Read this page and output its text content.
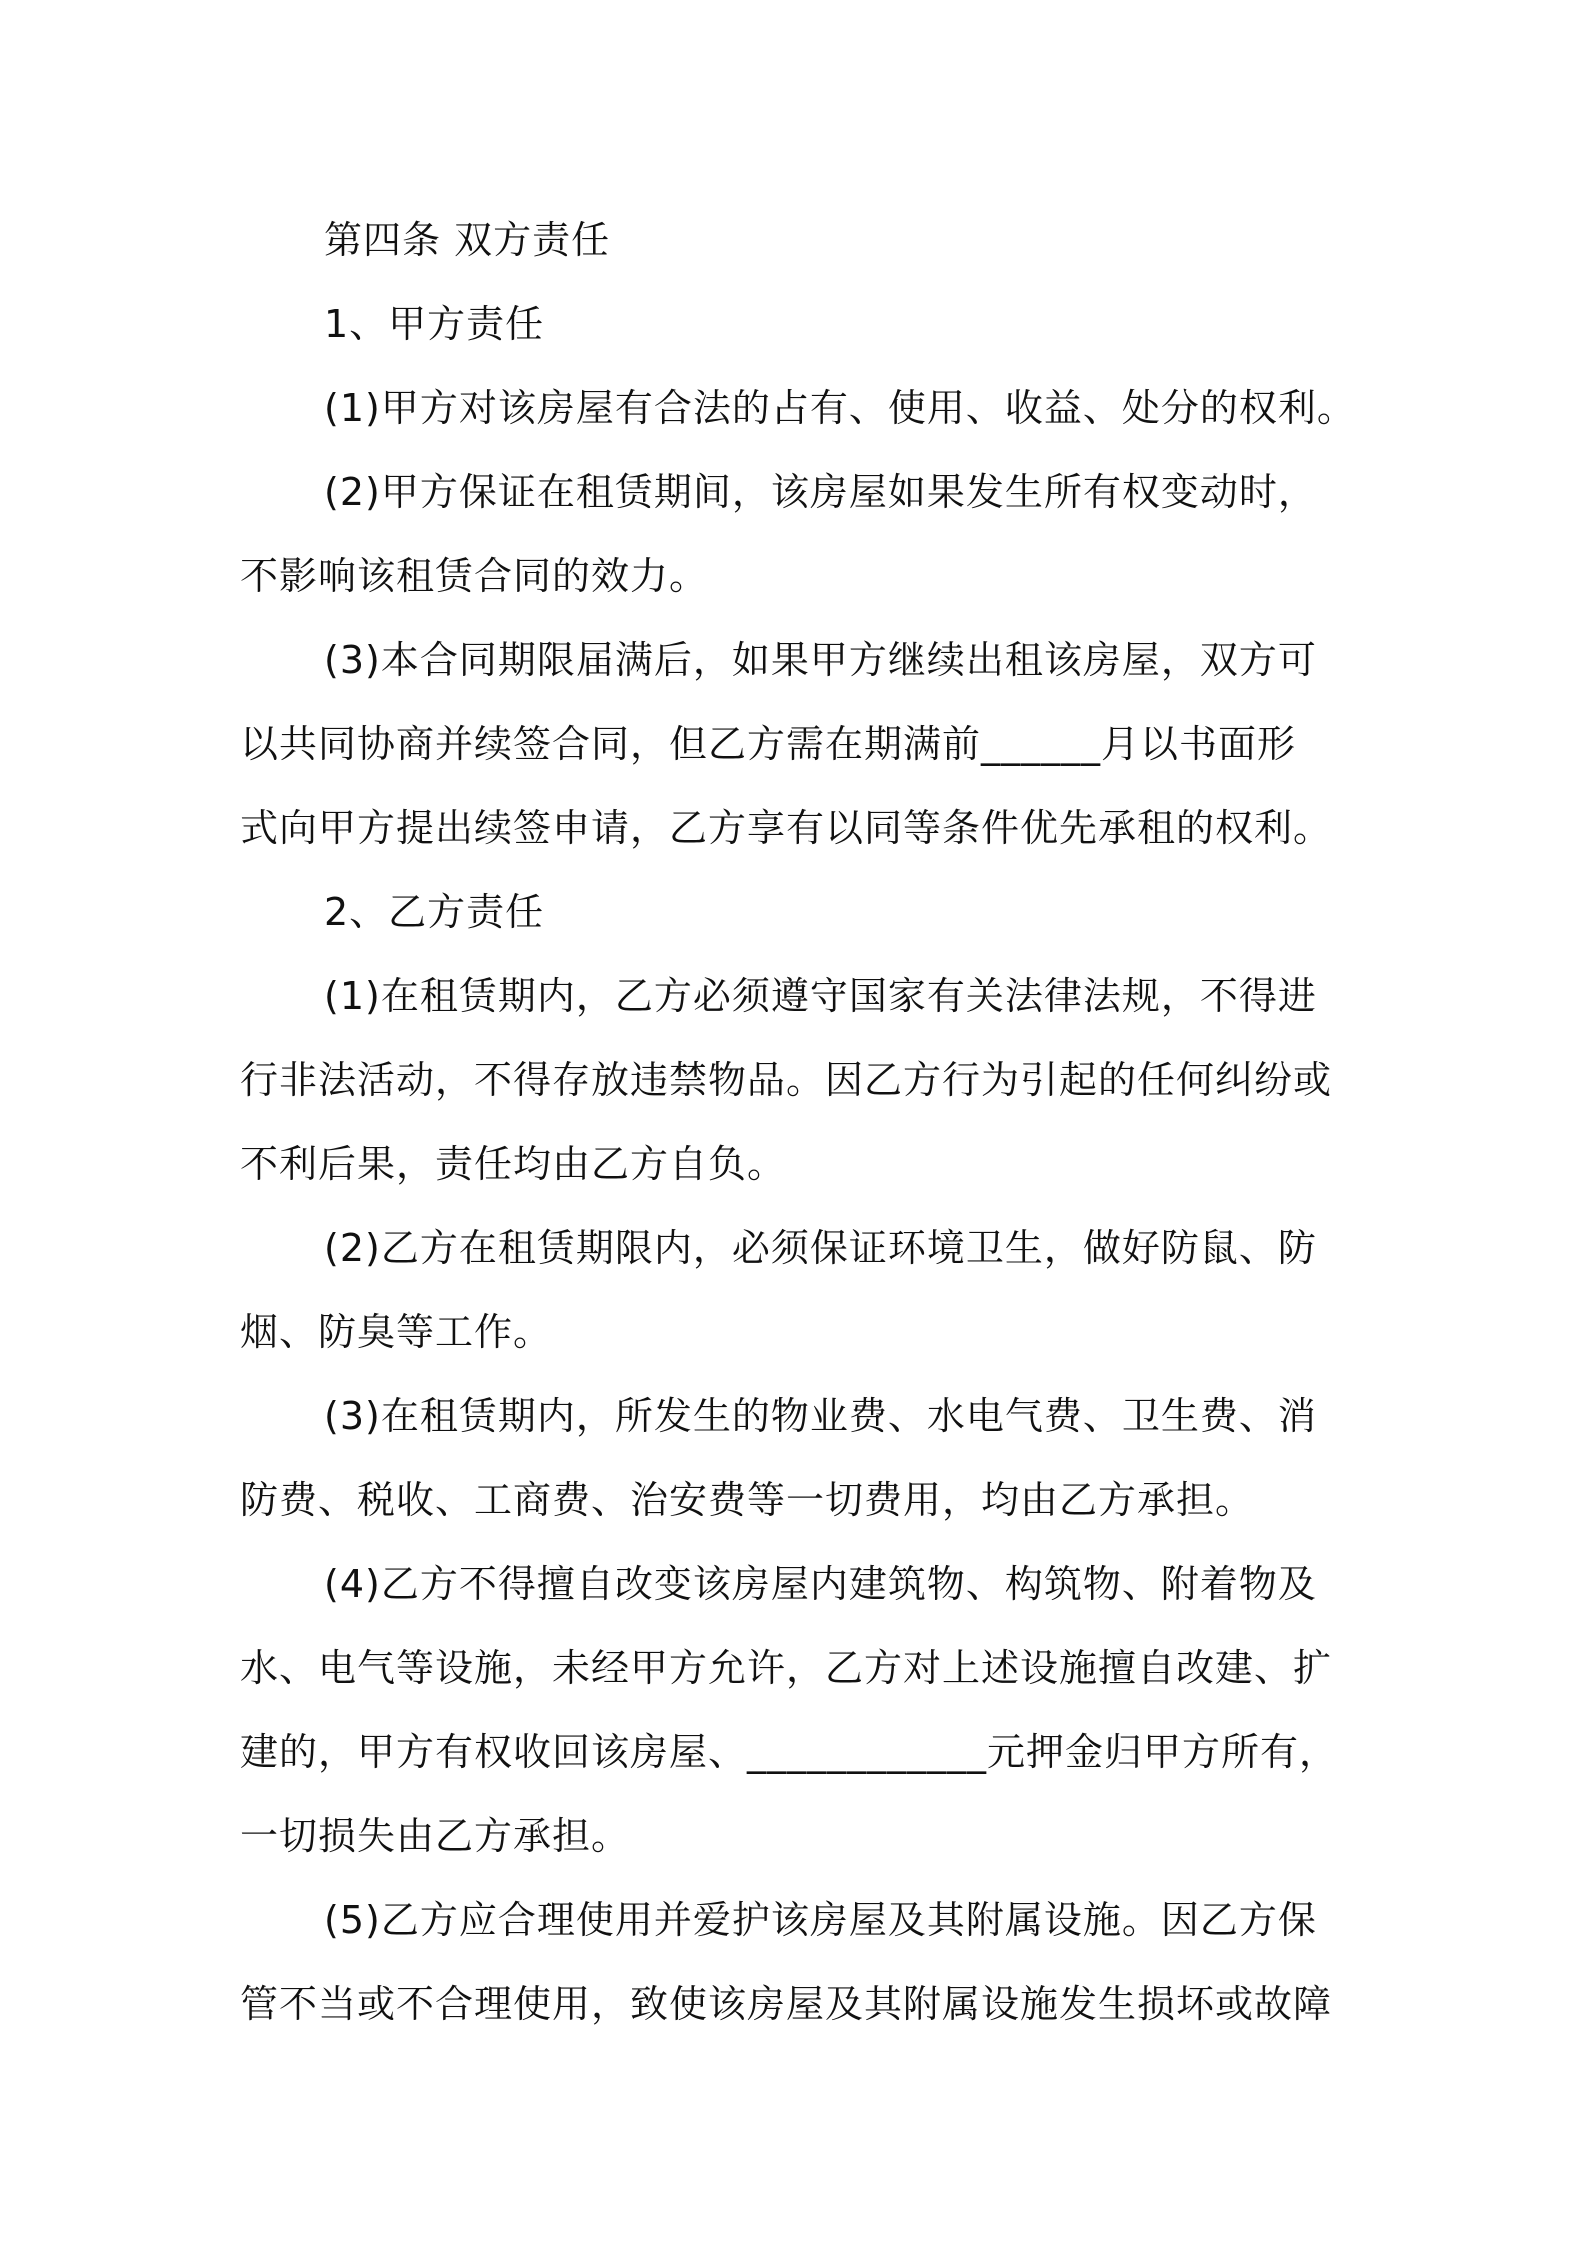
第四条 双方责任
1、甲方责任
(1)甲方对该房屋有合法的占有、使用、收益、处分的权利。
(2)甲方保证在租赁期间，该房屋如果发生所有权变动时，
不影响该租赁合同的效力。
(3)本合同期限届满后，如果甲方继续出租该房屋，双方可
以共同协商并续签合同，但乙方需在期满前______月以书面形
式向甲方提出续签申请，乙方享有以同等条件优先承租的权利。
2、乙方责任
(1)在租赁期内，乙方必须遵守国家有关法律法规，不得进
行非法活动，不得存放违禁物品。因乙方行为引起的任何纠纷或
不利后果，责任均由乙方自负。
(2)乙方在租赁期限内，必须保证环境卫生，做好防鼠、防
烟、防臭等工作。
(3)在租赁期内，所发生的物业费、水电气费、卫生费、消
防费、税收、工商费、治安费等一切费用，均由乙方承担。
(4)乙方不得擅自改变该房屋内建筑物、构筑物、附着物及
水、电气等设施，未经甲方允许，乙方对上述设施擅自改建、扩
建的，甲方有权收回该房屋、____________元押金归甲方所有，
一切损失由乙方承担。
(5)乙方应合理使用并爱护该房屋及其附属设施。因乙方保
管不当或不合理使用，致使该房屋及其附属设施发生损坏或故障
